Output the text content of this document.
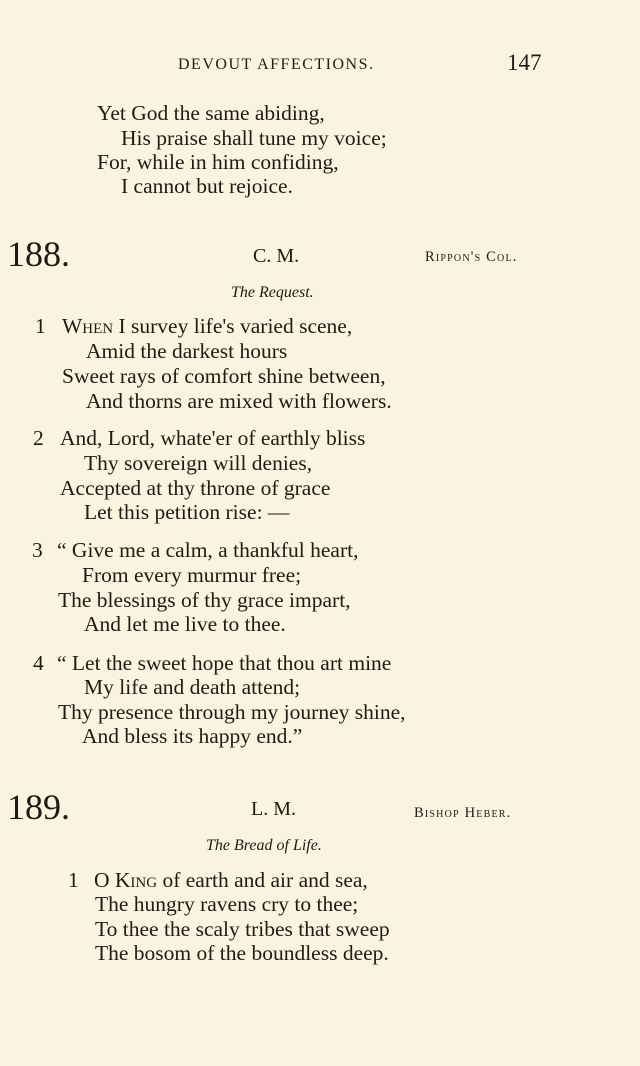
DEVOUT AFFECTIONS.	147
Yet God the same abiding,
His praise shall tune my voice;
For, while in him confiding,
I cannot but rejoice.
188.	C. M.	Rippon's Col.
The Request.
1 When I survey life's varied scene,
Amid the darkest hours
Sweet rays of comfort shine between,
And thorns are mixed with flowers.
2 And, Lord, whate'er of earthly bliss
Thy sovereign will denies,
Accepted at thy throne of grace
Let this petition rise: —
3 “ Give me a calm, a thankful heart,
From every murmur free;
The blessings of thy grace impart,
And let me live to thee.
4 “ Let the sweet hope that thou art mine
My life and death attend;
Thy presence through my journey shine,
And bless its happy end.”
189.	L. M.	Bishop Heber.
The Bread of Life.
1 O King of earth and air and sea,
The hungry ravens cry to thee;
To thee the scaly tribes that sweep
The bosom of the boundless deep.
